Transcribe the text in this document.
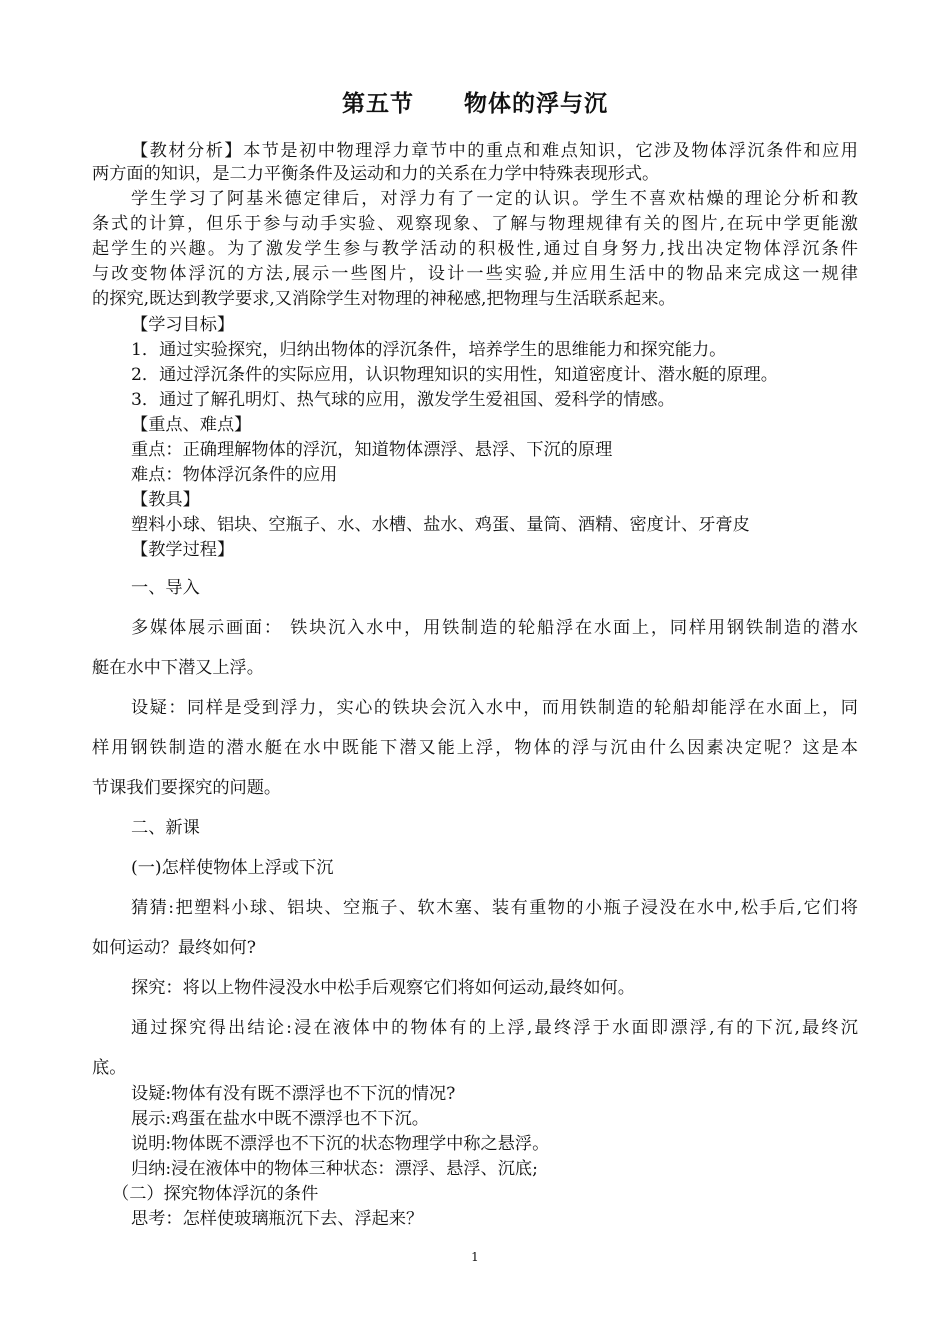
第五节 物体的浮与沉
【教材分析】本节是初中物理浮力章节中的重点和难点知识，它涉及物体浮沉条件和应用
两方面的知识，是二力平衡条件及运动和力的关系在力学中特殊表现形式。
学生学习了阿基米德定律后，对浮力有了一定的认识。学生不喜欢枯燥的理论分析和教
条式的计算，但乐于参与动手实验、观察现象、了解与物理规律有关的图片,在玩中学更能激
起学生的兴趣。为了激发学生参与教学活动的积极性,通过自身努力,找出决定物体浮沉条件
与改变物体浮沉的方法,展示一些图片，设计一些实验,并应用生活中的物品来完成这一规律
的探究,既达到教学要求,又消除学生对物理的神秘感,把物理与生活联系起来。
【学习目标】
1．通过实验探究，归纳出物体的浮沉条件，培养学生的思维能力和探究能力。
2．通过浮沉条件的实际应用，认识物理知识的实用性，知道密度计、潜水艇的原理。
3．通过了解孔明灯、热气球的应用，激发学生爱祖国、爱科学的情感。
【重点、难点】
重点：正确理解物体的浮沉，知道物体漂浮、悬浮、下沉的原理
难点：物体浮沉条件的应用
【教具】
塑料小球、铝块、空瓶子、水、水槽、盐水、鸡蛋、量筒、酒精、密度计、牙膏皮
【教学过程】
一、导入
多媒体展示画面： 铁块沉入水中，用铁制造的轮船浮在水面上，同样用钢铁制造的潜水
艇在水中下潜又上浮。
设疑：同样是受到浮力，实心的铁块会沉入水中，而用铁制造的轮船却能浮在水面上，同
样用钢铁制造的潜水艇在水中既能下潜又能上浮，物体的浮与沉由什么因素决定呢？这是本
节课我们要探究的问题。
二、新课
(一)怎样使物体上浮或下沉
猜猜:把塑料小球、铝块、空瓶子、软木塞、装有重物的小瓶子浸没在水中,松手后,它们将
如何运动？最终如何?
探究：将以上物件浸没水中松手后观察它们将如何运动,最终如何。
通过探究得出结论:浸在液体中的物体有的上浮,最终浮于水面即漂浮,有的下沉,最终沉
底。
设疑:物体有没有既不漂浮也不下沉的情况?
展示:鸡蛋在盐水中既不漂浮也不下沉。
说明:物体既不漂浮也不下沉的状态物理学中称之悬浮。
归纳:浸在液体中的物体三种状态：漂浮、悬浮、沉底;
（二）探究物体浮沉的条件
思考：怎样使玻璃瓶沉下去、浮起来？
1
